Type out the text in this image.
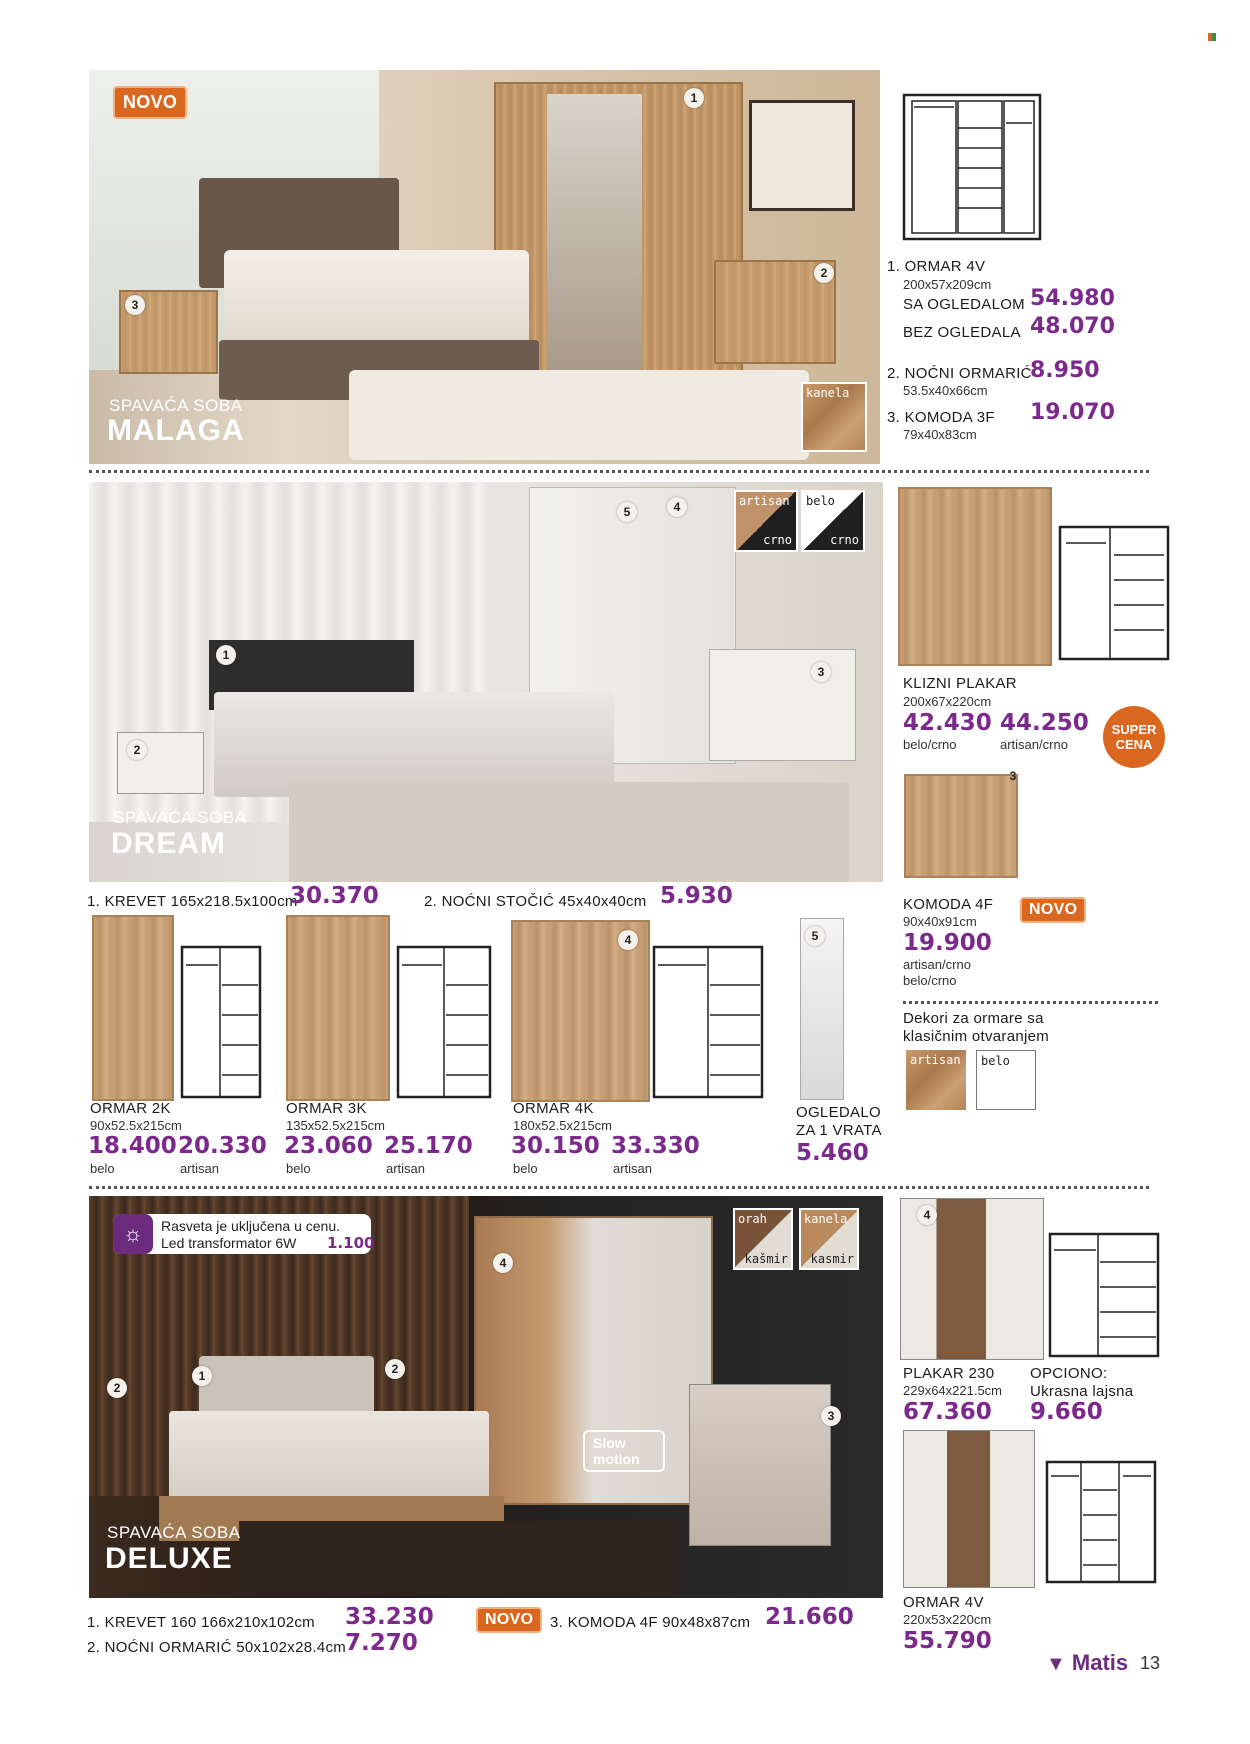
1
2
3
NOVO
SPAVAĆA SOBA
MALAGA
kanela
1. ORMAR 4V
200x57x209cm
SA OGLEDALOM 54.980
BEZ OGLEDALA 48.070
2. NOĆNI ORMARIĆ
8.950
53.5x40x66cm
3. KOMODA 3F 19.070
79x40x83cm
5	4
1
3
2
artisan
crno
belo
crno
SPAVAĆA SOBA
DREAM
1. KREVET 165x218.5x100cm
30.370	2. NOĆNI STOČIĆ 45x40x40cm 5.930
KLIZNI PLAKAR
200x67x220cm
42.430
belo/crno
44.250
artisan/crno
SUPER
CENA
3
KOMODA 4F	NOVO
90x40x91cm
19.900
artisan/crno
belo/crno
Dekori za ormare sa
klasičnim otvaranjem
artisan belo
4	5
ORMAR 2K
90x52.5x215cm
18.400 20.330
belo	artisan
ORMAR 3K
135x52.5x215cm
23.060 25.170
belo	artisan
ORMAR 4K
180x52.5x215cm
30.150 33.330
belo	artisan
OGLEDALO
ZA 1 VRATA
5.460
4
1
2
2
3
☼	Rasveta je uključena u cenu.
Led transformator 6W 1.100
Slow
motion
orah
kašmir
kanela
kasmir
SPAVAĆA SOBA
DELUXE
1. KREVET 160 166x210x102cm 33.230
2. NOĆNI ORMARIĆ 50x102x28.4cm
7.270
NOVO	3. KOMODA 4F 90x48x87cm 21.660
4
PLAKAR 230
229x64x221.5cm
67.360
OPCIONO:
Ukrasna lajsna
9.660
ORMAR 4V
220x53x220cm
55.790
▼ Matis 13
